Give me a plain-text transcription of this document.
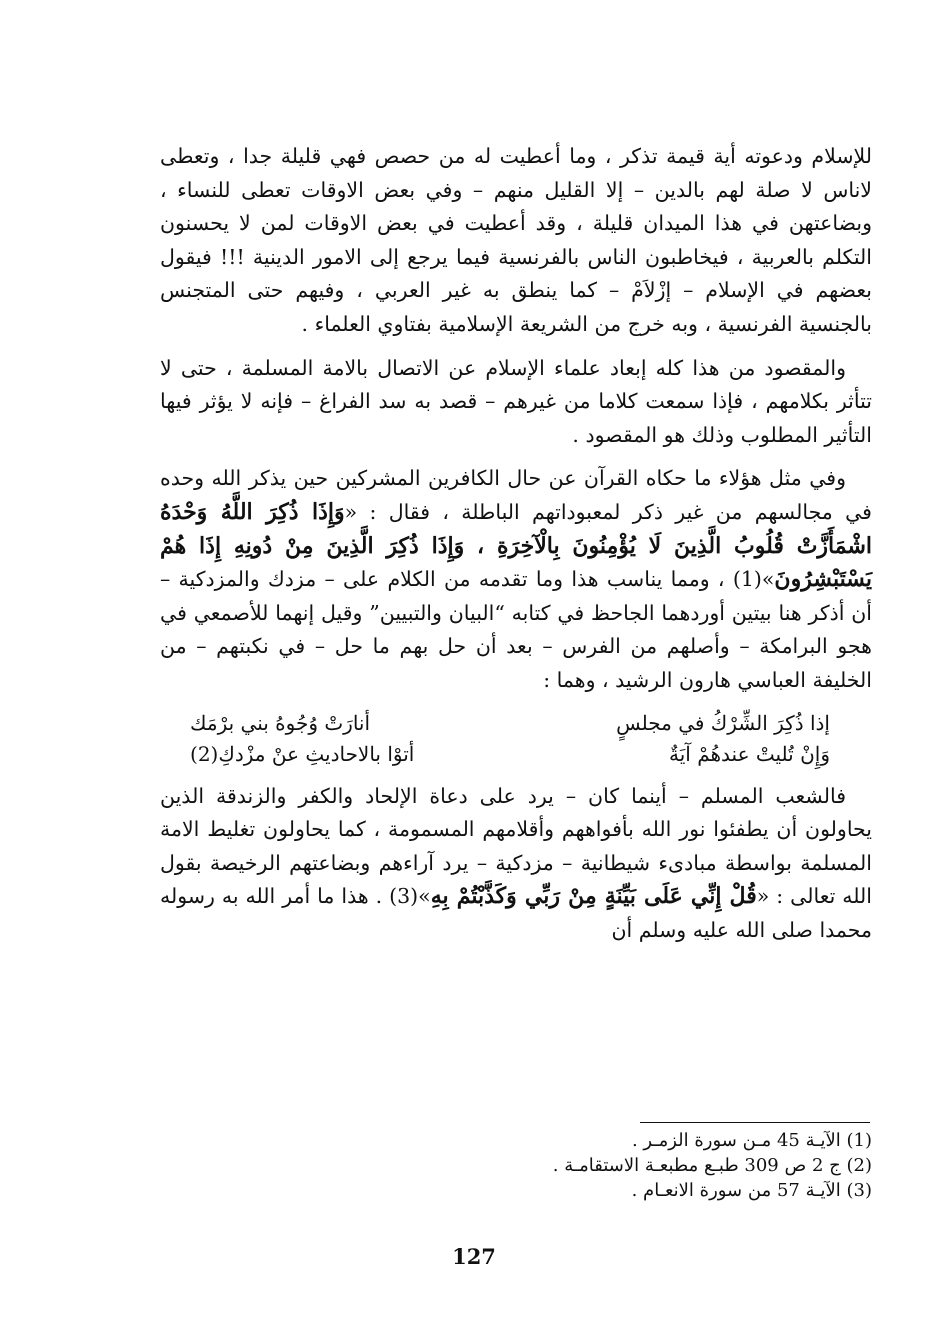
للإسلام ودعوته أية قيمة تذكر ، وما أعطيت له من حصص فهي قليلة جدا ، وتعطى لاناس لا صلة لهم بالدين – إلا القليل منهم – وفي بعض الاوقات تعطى للنساء ، وبضاعتهن في هذا الميدان قليلة ، وقد أعطيت في بعض الاوقات لمن لا يحسنون التكلم بالعربية ، فيخاطبون الناس بالفرنسية فيما يرجع إلى الامور الدينية !!! فيقول بعضهم في الإسلام – إزْلاَمْ – كما ينطق به غير العربي ، وفيهم حتى المتجنس بالجنسية الفرنسية ، وبه خرج من الشريعة الإسلامية بفتاوي العلماء .

والمقصود من هذا كله إبعاد علماء الإسلام عن الاتصال بالامة المسلمة ، حتى لا تتأثر بكلامهم ، فإذا سمعت كلاما من غيرهم – قصد به سد الفراغ – فإنه لا يؤثر فيها التأثير المطلوب وذلك هو المقصود .

وفي مثل هؤلاء ما حكاه القرآن عن حال الكافرين المشركين حين يذكر الله وحده في مجالسهم من غير ذكر لمعبوداتهم الباطلة ، فقال : «وَإِذَا ذُكِرَ اللَّهُ وَحْدَهُ اشْمَأَزَّتْ قُلُوبُ الَّذِينَ لَا يُؤْمِنُونَ بِالْآخِرَةِ ، وَإِذَا ذُكِرَ الَّذِينَ مِنْ دُونِهِ إِذَا هُمْ يَسْتَبْشِرُونَ»(1) ، ومما يناسب هذا وما تقدمه من الكلام على – مزدك والمزدكية – أن أذكر هنا بيتين أوردهما الجاحظ في كتابه “البيان والتبيين” وقيل إنهما للأصمعي في هجو البرامكة – وأصلهم من الفرس – بعد أن حل بهم ما حل – في نكبتهم – من الخليفة العباسي هارون الرشيد ، وهما :

إذا ذُكِرَ الشِّرْكُ في مجلسٍ
أنارَتْ وُجُوهُ بني برْمَك
وَإِنْ تُليتْ عندهُمْ آيَةٌ
أتوْا بالاحاديثِ عنْ مزْدكِ(2)

فالشعب المسلم – أينما كان – يرد على دعاة الإلحاد والكفر والزندقة الذين يحاولون أن يطفئوا نور الله بأفواههم وأقلامهم المسمومة ، كما يحاولون تغليط الامة المسلمة بواسطة مبادىء شيطانية – مزدكية – يرد آراءهم وبضاعتهم الرخيصة بقول الله تعالى : «قُلْ إِنِّي عَلَى بَيِّنَةٍ مِنْ رَبِّي وَكَذَّبْتُمْ بِهِ»(3) . هذا ما أمر الله به رسوله محمدا صلى الله عليه وسلم أن

(1) الآيـة 45 مـن سورة الزمـر .
(2) ج 2 ص 309 طبـع مطبعـة الاستقامـة .
(3) الآيـة 57 من سورة الانعـام .
127
